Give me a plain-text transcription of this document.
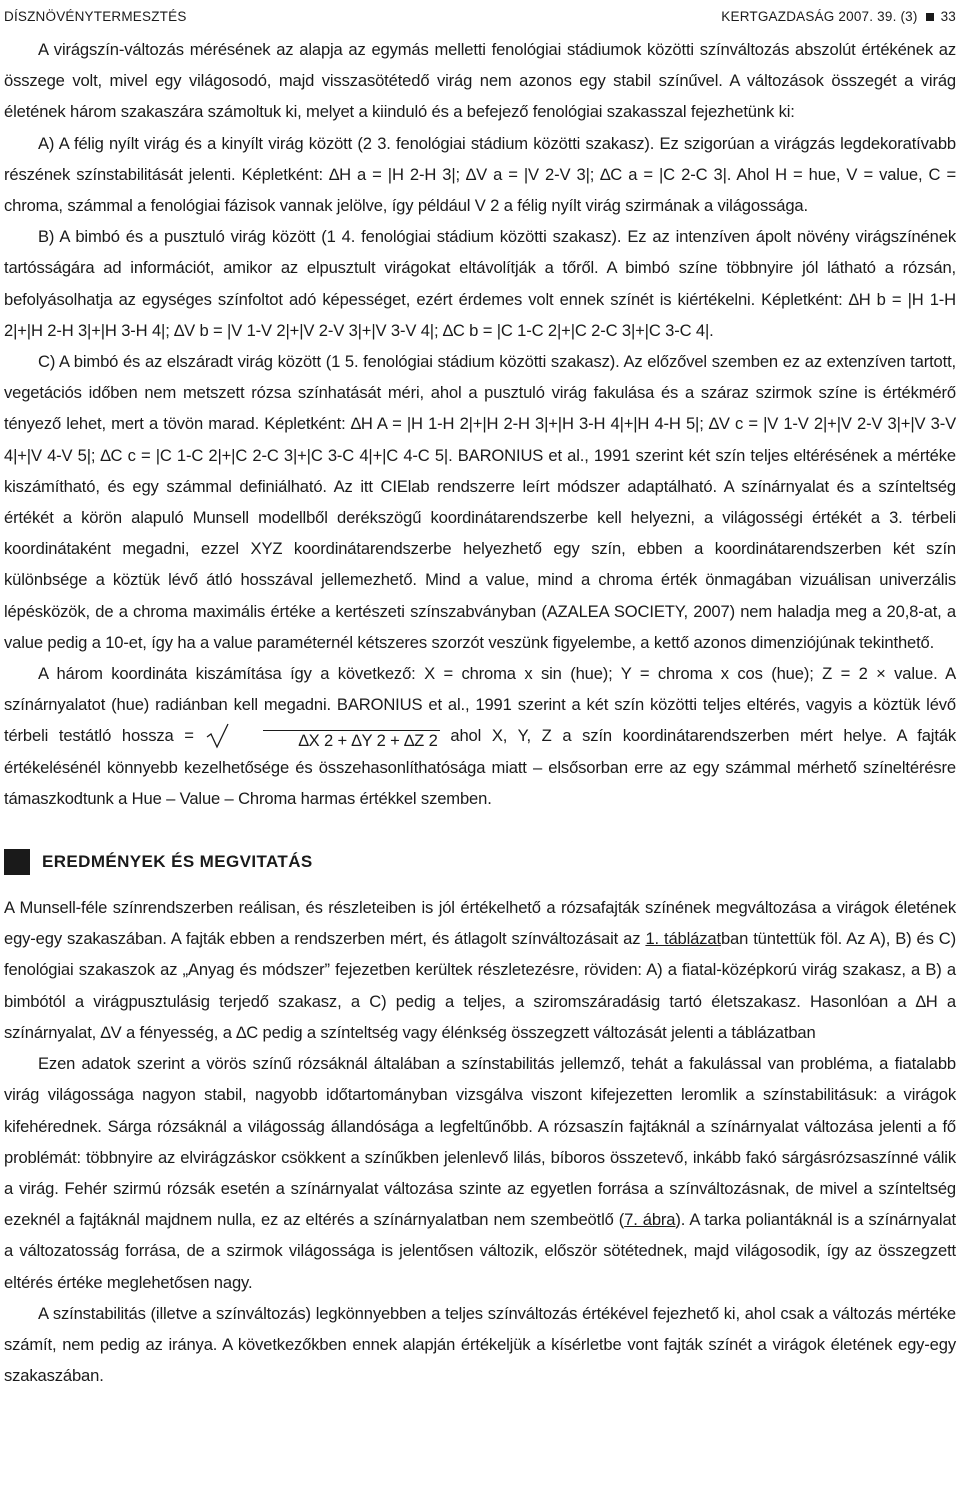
DÍSZNÖVÉNYTERMESZTÉS	KERTGAZDASÁG 2007. 39. (3) 33

A virágszín-változás mérésének az alapja az egymás melletti fenológiai stádiumok közötti színváltozás abszolút értékének az összege volt, mivel egy világosodó, majd visszasötétedő virág nem azonos egy stabil színűvel. A változások összegét a virág életének három szakaszára számoltuk ki, melyet a kiinduló és a befejező fenológiai szakasszal fejezhetünk ki:

A) A félig nyílt virág és a kinyílt virág között (2 3. fenológiai stádium közötti szakasz). Ez szigorúan a virágzás legdekoratívabb részének színstabilitását jelenti. Képletként: ∆H a = |H 2-H 3|; ∆V a = |V 2-V 3|; ∆C a = |C 2-C 3|. Ahol H = hue, V = value, C = chroma, számmal a fenológiai fázisok vannak jelölve, így például V 2 a félig nyílt virág szirmának a világossága.

B) A bimbó és a pusztuló virág között (1 4. fenológiai stádium közötti szakasz). Ez az intenzíven ápolt növény virágszínének tartósságára ad információt, amikor az elpusztult virágokat eltávolítják a tőről. A bimbó színe többnyire jól látható a rózsán, befolyásolhatja az egységes színfoltot adó képességet, ezért érdemes volt ennek színét is kiértékelni. Képletként: ∆H b = |H 1-H 2|+|H 2-H 3|+|H 3-H 4|; ∆V b = |V 1-V 2|+|V 2-V 3|+|V 3-V 4|; ∆C b = |C 1-C 2|+|C 2-C 3|+|C 3-C 4|.

C) A bimbó és az elszáradt virág között (1 5. fenológiai stádium közötti szakasz). Az előzővel szemben ez az extenzíven tartott, vegetációs időben nem metszett rózsa színhatását méri, ahol a pusztuló virág fakulása és a száraz szirmok színe is értékmérő tényező lehet, mert a tövön marad. Képletként: ∆H A = |H 1-H 2|+|H 2-H 3|+|H 3-H 4|+|H 4-H 5|; ∆V c = |V 1-V 2|+|V 2-V 3|+|V 3-V 4|+|V 4-V 5|; ∆C c = |C 1-C 2|+|C 2-C 3|+|C 3-C 4|+|C 4-C 5|. BARONIUS et al., 1991 szerint két szín teljes eltérésének a mértéke kiszámítható, és egy számmal definiálható. Az itt CIElab rendszerre leírt módszer adaptálható. A színárnyalat és a színteltség értékét a körön alapuló Munsell modellből derékszögű koordinátarendszerbe kell helyezni, a világosségi értékét a 3. térbeli koordinátaként megadni, ezzel XYZ koordinátarendszerbe helyezhető egy szín, ebben a koordinátarendszerben két szín különbsége a köztük lévő átló hosszával jellemezhető. Mind a value, mind a chroma érték önmagában vizuálisan univerzális lépésközök, de a chroma maximális értéke a kertészeti színszabványban (AZALEA SOCIETY, 2007) nem haladja meg a 20,8-at, a value pedig a 10-et, így ha a value paraméternél kétszeres szorzót veszünk figyelembe, a kettő azonos dimenziójúnak tekinthető.

A három koordináta kiszámítása így a következő: X = chroma x sin (hue); Y = chroma x cos (hue); Z = 2 × value. A színárnyalatot (hue) radiánban kell megadni. BARONIUS et al., 1991 szerint a két szín közötti teljes eltérés, vagyis a köztük lévő térbeli testátló hossza =	∆X 2 + ∆Y 2 + ∆Z 2 ahol X, Y, Z a szín koordinátarendszerben mért helye. A fajták értékelésénél könnyebb kezelhetősége és összehasonlíthatósága miatt – elsősorban erre az egy számmal mérhető színeltérésre támaszkodtunk a Hue – Value – Chroma harmas értékkel szemben.

EREDMÉNYEK ÉS MEGVITATÁS

A Munsell-féle színrendszerben reálisan, és részleteiben is jól értékelhető a rózsafajták színének megváltozása a virágok életének egy-egy szakaszában. A fajták ebben a rendszerben mért, és átlagolt színváltozásait az 1. táblázatban tüntettük föl. Az A), B) és C) fenológiai szakaszok az „Anyag és módszer” fejezetben kerültek részletezésre, röviden: A) a fiatal-középkorú virág szakasz, a B) a bimbótól a virágpusztulásig terjedő szakasz, a C) pedig a teljes, a sziromszáradásig tartó életszakasz. Hasonlóan a ∆H a színárnyalat, ∆V a fényesség, a ∆C pedig a színteltség vagy élénkség összegzett változását jelenti a táblázatban

Ezen adatok szerint a vörös színű rózsáknál általában a színstabilitás jellemző, tehát a fakulással van probléma, a fiatalabb virág világossága nagyon stabil, nagyobb időtartományban vizsgálva viszont kifejezetten leromlik a színstabilitásuk: a virágok kifehérednek. Sárga rózsáknál a világosság állandósága a legfeltűnőbb. A rózsaszín fajtáknál a színárnyalat változása jelenti a fő problémát: többnyire az elvirágzáskor csökkent a színűkben jelenlevő lilás, bíboros összetevő, inkább fakó sárgásrózsaszínné válik a virág. Fehér szirmú rózsák esetén a színárnyalat változása szinte az egyetlen forrása a színváltozásnak, de mivel a színteltség ezeknél a fajtáknál majdnem nulla, ez az eltérés a színárnyalatban nem szembeötlő (7. ábra). A tarka poliantáknál is a színárnyalat a változatosság forrása, de a szirmok világossága is jelentősen változik, először sötétednek, majd világosodik, így az összegzett eltérés értéke meglehetősen nagy.

A színstabilitás (illetve a színváltozás) legkönnyebben a teljes színváltozás értékével fejezhető ki, ahol csak a változás mértéke számít, nem pedig az iránya. A következőkben ennek alapján értékeljük a kísérletbe vont fajták színét a virágok életének egy-egy szakaszában.
